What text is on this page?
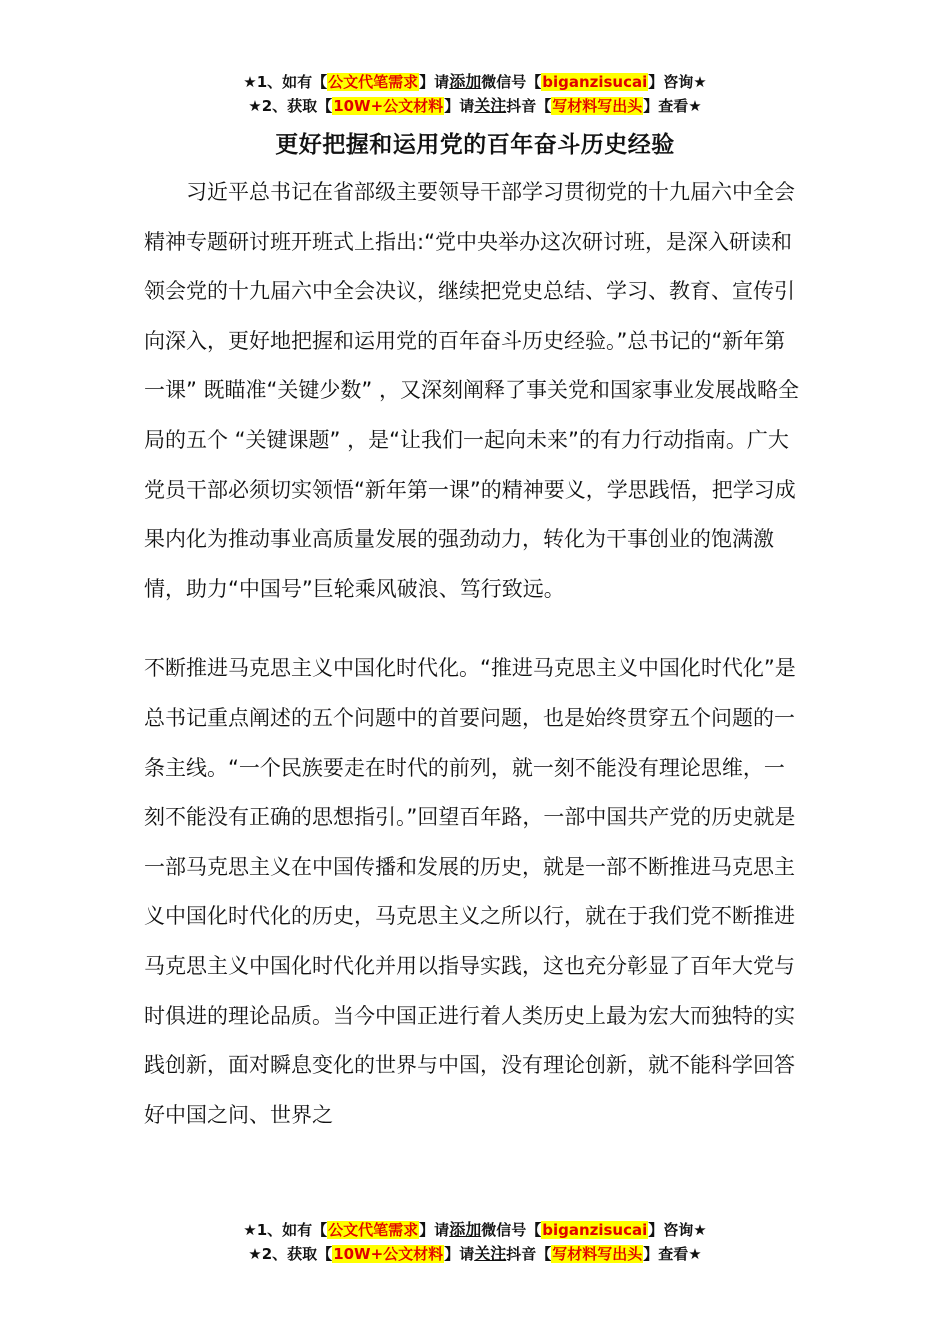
★1、如有【公文代笔需求】请添加微信号【biganzisucai】咨询★
★2、获取【10W+公文材料】请关注抖音【写材料写出头】查看★
更好把握和运用党的百年奋斗历史经验

习近平总书记在省部级主要领导干部学习贯彻党的十九届六中全会精神专题研讨班开班式上指出:“党中央举办这次研讨班，是深入研读和领会党的十九届六中全会决议，继续把党史总结、学习、教育、宣传引向深入，更好地把握和运用党的百年奋斗历史经验。”总书记的“新年第一课” 既瞄准“关键少数” ，又深刻阐释了事关党和国家事业发展战略全局的五个 “关键课题” ，是“让我们一起向未来”的有力行动指南。广大党员干部必须切实领悟“新年第一课”的精神要义，学思践悟，把学习成果内化为推动事业高质量发展的强劲动力，转化为干事创业的饱满激情，助力“中国号”巨轮乘风破浪、笃行致远。

不断推进马克思主义中国化时代化。“推进马克思主义中国化时代化”是总书记重点阐述的五个问题中的首要问题，也是始终贯穿五个问题的一条主线。“一个民族要走在时代的前列，就一刻不能没有理论思维，一刻不能没有正确的思想指引。”回望百年路，一部中国共产党的历史就是一部马克思主义在中国传播和发展的历史，就是一部不断推进马克思主义中国化时代化的历史，马克思主义之所以行，就在于我们党不断推进马克思主义中国化时代化并用以指导实践，这也充分彰显了百年大党与时俱进的理论品质。当今中国正进行着人类历史上最为宏大而独特的实践创新，面对瞬息变化的世界与中国，没有理论创新，就不能科学回答好中国之问、世界之

★1、如有【公文代笔需求】请添加微信号【biganzisucai】咨询★
★2、获取【10W+公文材料】请关注抖音【写材料写出头】查看★
